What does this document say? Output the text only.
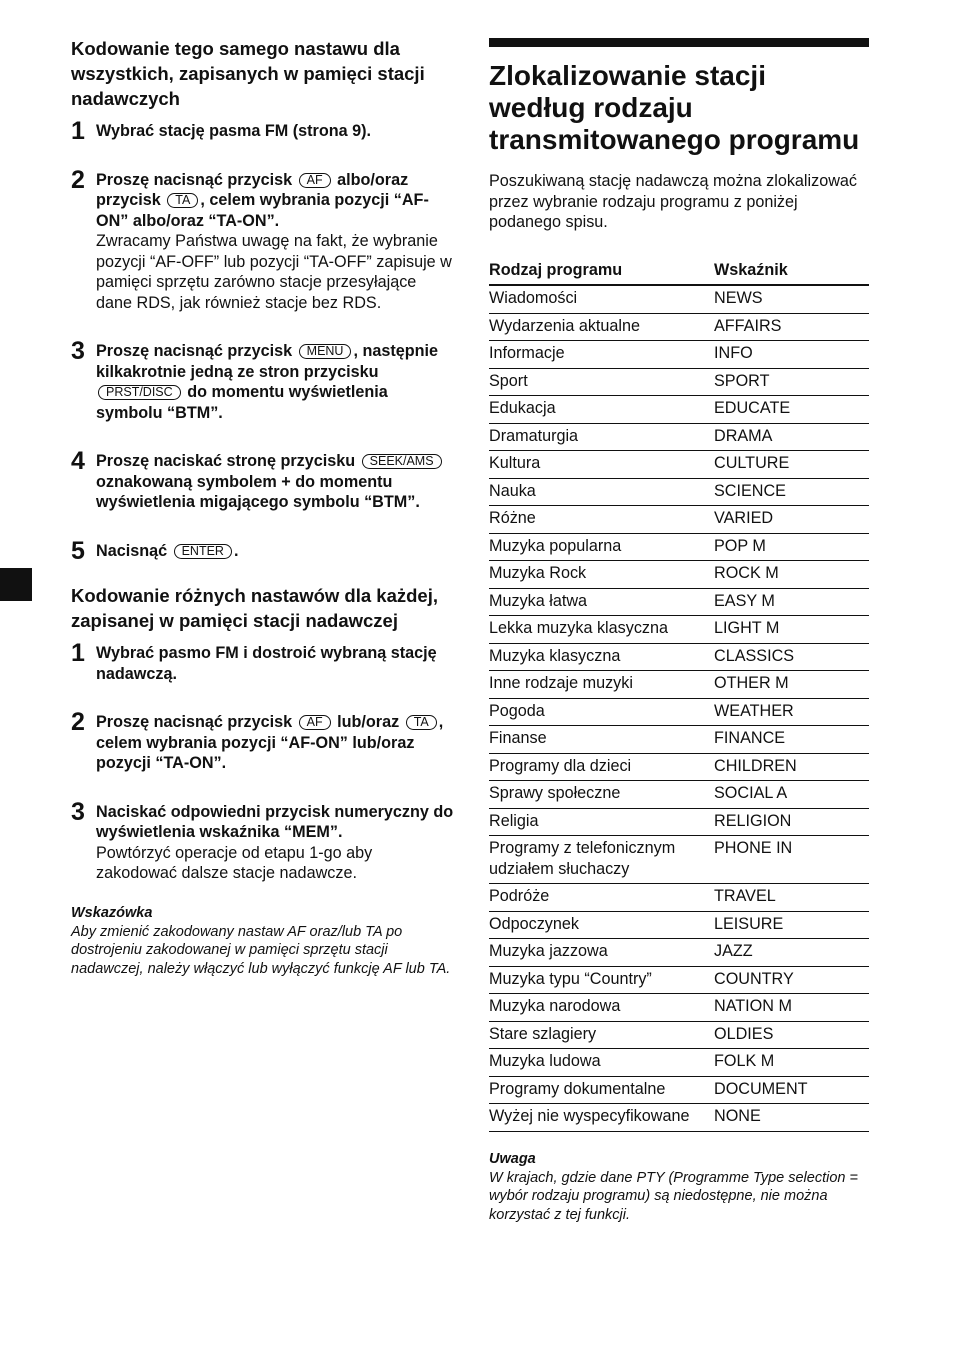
Kodowanie tego samego nastawu dla wszystkich, zapisanych w pamięci stacji nadawczych
1 Wybrać stację pasma FM (strona 9).
2 Proszę nacisnąć przycisk AF albo/oraz przycisk TA , celem wybrania pozycji “AF-ON” albo/oraz “TA-ON”.
Zwracamy Państwa uwagę na fakt, że wybranie pozycji “AF-OFF” lub pozycji “TA-OFF” zapisuje w pamięci sprzętu zarówno stacje przesyłające dane RDS, jak również stacje bez RDS.
3 Proszę nacisnąć przycisk MENU , następnie kilkakrotnie jedną ze stron przycisku PRST/DISC do momentu wyświetlenia symbolu “BTM”.
4 Proszę naciskać stronę przycisku SEEK/AMS oznakowaną symbolem + do momentu wyświetlenia migającego symbolu “BTM”.
5 Nacisnąć ENTER .
Kodowanie różnych nastawów dla każdej, zapisanej w pamięci stacji nadawczej
1 Wybrać pasmo FM i dostroić wybraną stację nadawczą.
2 Proszę nacisnąć przycisk AF lub/oraz TA , celem wybrania pozycji “AF-ON” lub/oraz pozycji “TA-ON”.
3 Naciskać odpowiedni przycisk numeryczny do wyświetlenia wskaźnika “MEM”.
Powtórzyć operacje od etapu 1-go aby zakodować dalsze stacje nadawcze.
Wskazówka
Aby zmienić zakodowany nastaw AF oraz/lub TA po dostrojeniu zakodowanej w pamięci sprzętu stacji nadawczej, należy włączyć lub wyłączyć funkcję AF lub TA.
Zlokalizowanie stacji według rodzaju transmitowanego programu
Poszukiwaną stację nadawczą można zlokalizować przez wybranie rodzaju programu z poniżej podanego spisu.
Rodzaj programu	Wskaźnik
Wiadomości	NEWS
Wydarzenia aktualne	AFFAIRS
Informacje	INFO
Sport	SPORT
Edukacja	EDUCATE
Dramaturgia	DRAMA
Kultura	CULTURE
Nauka	SCIENCE
Różne	VARIED
Muzyka popularna	POP M
Muzyka Rock	ROCK M
Muzyka łatwa	EASY M
Lekka muzyka klasyczna	LIGHT M
Muzyka klasyczna	CLASSICS
Inne rodzaje muzyki	OTHER M
Pogoda	WEATHER
Finanse	FINANCE
Programy dla dzieci	CHILDREN
Sprawy społeczne	SOCIAL A
Religia	RELIGION
Programy z telefonicznym udziałem słuchaczy	PHONE IN
Podróże	TRAVEL
Odpoczynek	LEISURE
Muzyka jazzowa	JAZZ
Muzyka typu “Country”	COUNTRY
Muzyka narodowa	NATION M
Stare szlagiery	OLDIES
Muzyka ludowa	FOLK M
Programy dokumentalne	DOCUMENT
Wyżej nie wyspecyfikowane	NONE
Uwaga
W krajach, gdzie dane PTY (Programme Type selection = wybór rodzaju programu) są niedostępne, nie można korzystać z tej funkcji.
